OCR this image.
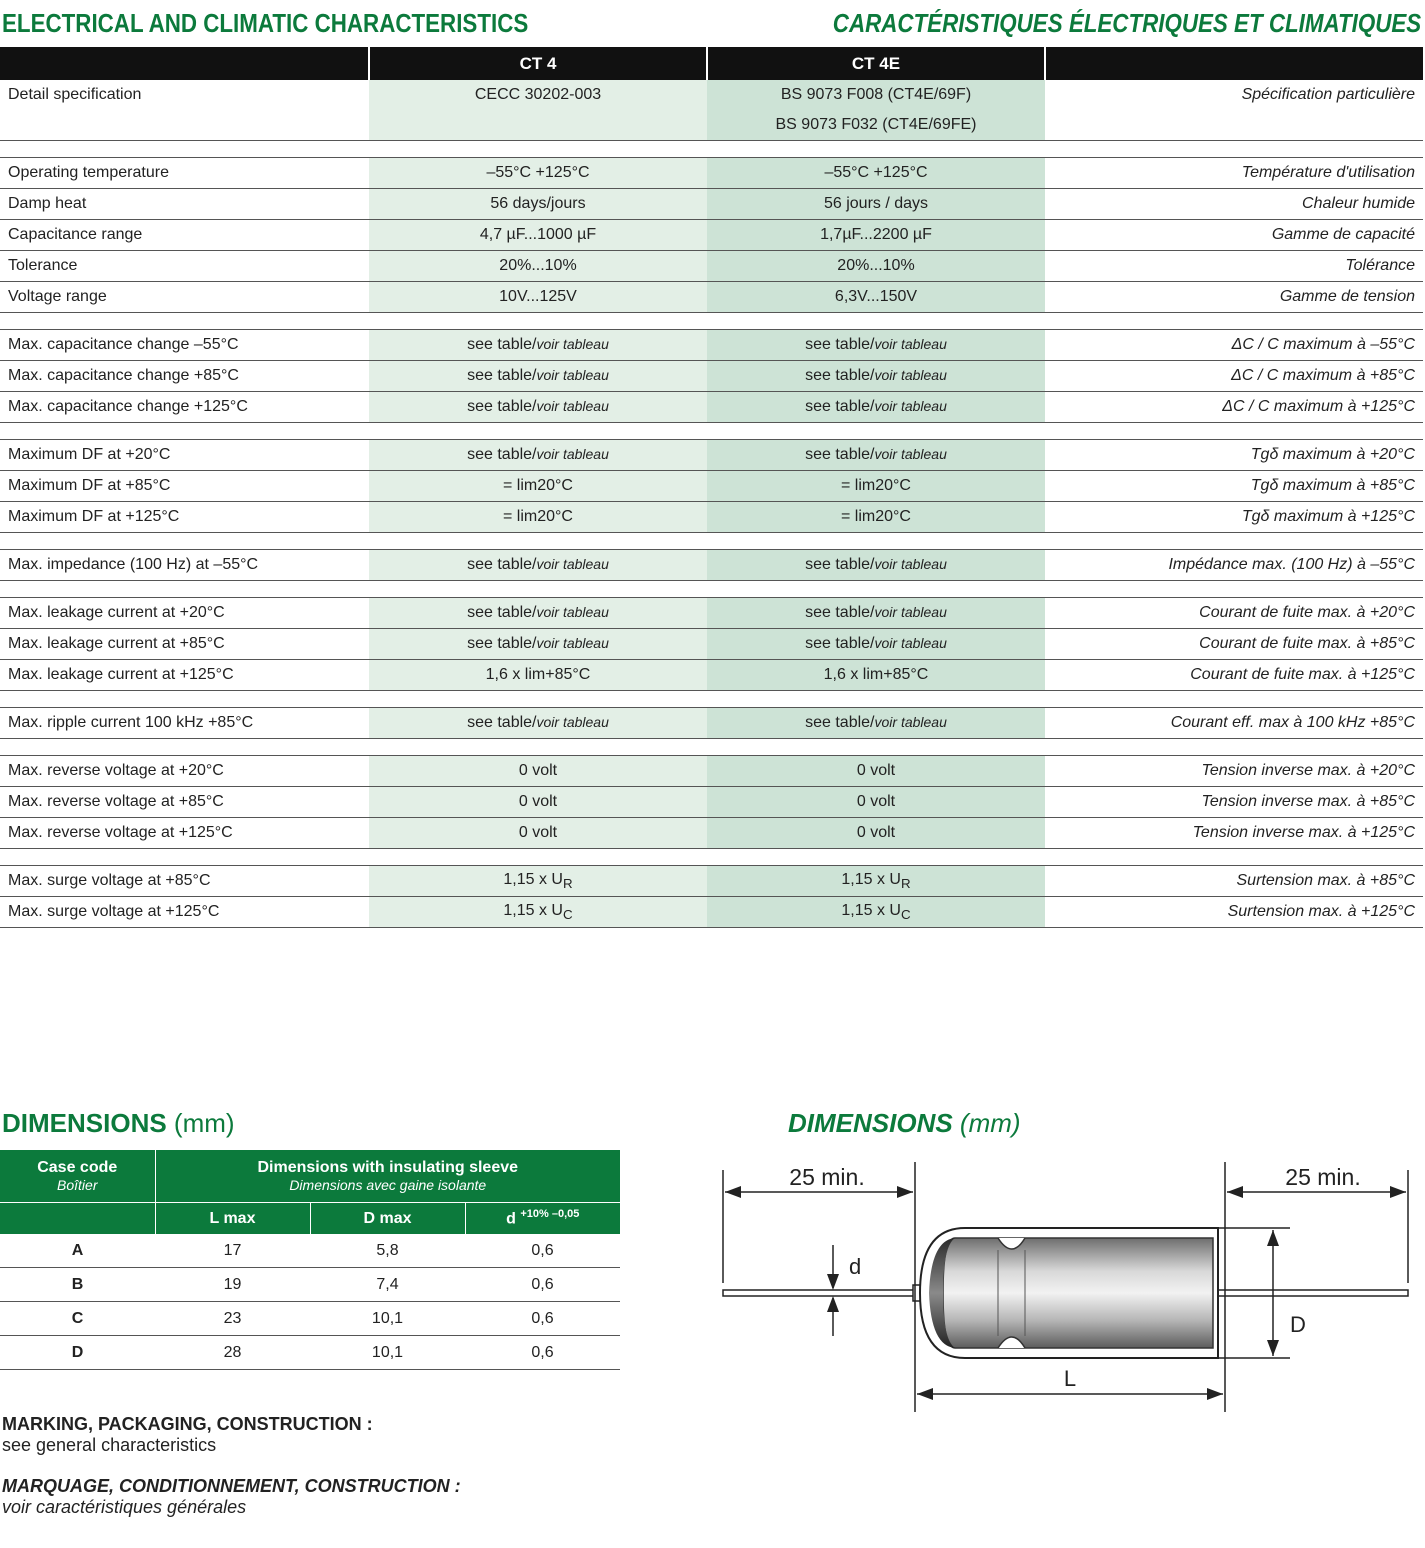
ELECTRICAL AND CLIMATIC CHARACTERISTICS	CARACTÉRISTIQUES ÉLECTRIQUES ET CLIMATIQUES
	CT 4	CT 4E	
Detail specification	CECC 30202-003	BS 9073 F008 (CT4E/69F)	Spécification particulière
		BS 9073 F032 (CT4E/69FE)	

Operating temperature	–55°C +125°C	–55°C +125°C	Température d'utilisation
Damp heat	56 days/jours	56 jours / days	Chaleur humide
Capacitance range	4,7 µF...1000 µF	1,7µF...2200 µF	Gamme de capacité
Tolerance	20%...10%	20%...10%	Tolérance
Voltage range	10V...125V	6,3V...150V	Gamme de tension

Max. capacitance change –55°C	see table/voir tableau	see table/voir tableau	ΔC / C maximum à –55°C
Max. capacitance change +85°C	see table/voir tableau	see table/voir tableau	ΔC / C maximum à +85°C
Max. capacitance change +125°C	see table/voir tableau	see table/voir tableau	ΔC / C maximum à +125°C

Maximum DF at +20°C	see table/voir tableau	see table/voir tableau	Tgδ maximum à +20°C
Maximum DF at +85°C	= lim20°C	= lim20°C	Tgδ maximum à +85°C
Maximum DF at +125°C	= lim20°C	= lim20°C	Tgδ maximum à +125°C

Max. impedance (100 Hz) at –55°C	see table/voir tableau	see table/voir tableau	Impédance max. (100 Hz) à –55°C

Max. leakage current at +20°C	see table/voir tableau	see table/voir tableau	Courant de fuite max. à +20°C
Max. leakage current at +85°C	see table/voir tableau	see table/voir tableau	Courant de fuite max. à +85°C
Max. leakage current at +125°C	1,6 x lim+85°C	1,6 x lim+85°C	Courant de fuite max. à +125°C

Max. ripple current 100 kHz +85°C	see table/voir tableau	see table/voir tableau	Courant eff. max à 100 kHz +85°C

Max. reverse voltage at +20°C	0 volt	0 volt	Tension inverse max. à +20°C
Max. reverse voltage at +85°C	0 volt	0 volt	Tension inverse max. à +85°C
Max. reverse voltage at +125°C	0 volt	0 volt	Tension inverse max. à +125°C

Max. surge voltage at +85°C	1,15 x $U_R$	1,15 x $U_R$	Surtension max. à +85°C
Max. surge voltage at +125°C	1,15 x $U_C$	1,15 x $U_C$	Surtension max. à +125°C
DIMENSIONS (mm)	DIMENSIONS (mm)
Case code
Boîtier	Dimensions with insulating sleeve
Dimensions avec gaine isolante		

	L max	D max	d $^{+10\% -0,05}$
A	17	5,8	0,6
B	19	7,4	0,6
C	23	10,1	0,6
D	28	10,1	0,6
25 min.	25 min.
d
D
L
MARKING, PACKAGING, CONSTRUCTION :
see general characteristics
MARQUAGE, CONDITIONNEMENT, CONSTRUCTION :
voir caractéristiques générales
